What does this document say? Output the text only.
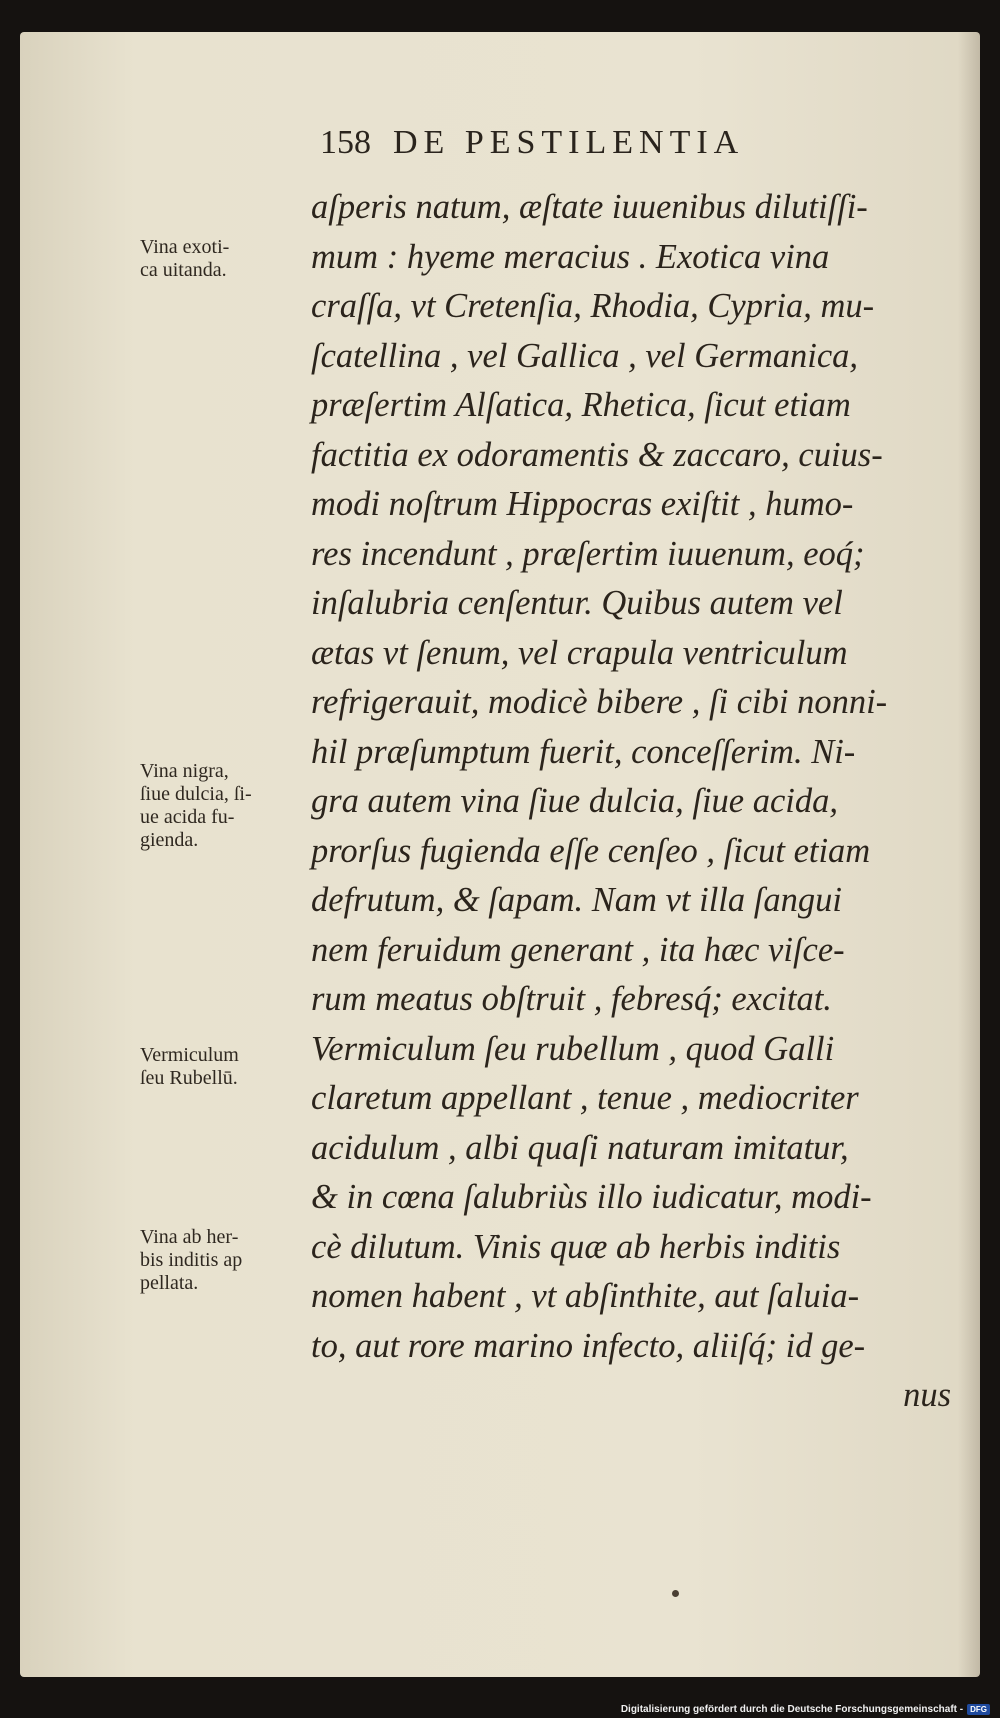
158 DE PESTILENTIA
aſperis natum, æſtate iuuenibus dilutiſſi-
mum : hyeme meracius . Exotica vina
craſſa, vt Cretenſia, Rhodia, Cypria, mu-
ſcatellina , vel Gallica , vel Germanica,
præſertim Alſatica, Rhetica, ſicut etiam
factitia ex odoramentis & zaccaro, cuius-
modi noſtrum Hippocras exiſtit , humo-
res incendunt , præſertim iuuenum, eoq́;
inſalubria cenſentur. Quibus autem vel
ætas vt ſenum, vel crapula ventriculum
refrigerauit, modicè bibere , ſi cibi nonni-
hil præſumptum fuerit, conceſſerim. Ni-
gra autem vina ſiue dulcia, ſiue acida,
prorſus fugienda eſſe cenſeo , ſicut etiam
defrutum, & ſapam. Nam vt illa ſangui
nem feruidum generant , ita hæc viſce-
rum meatus obſtruit , febresq́; excitat.
Vermiculum ſeu rubellum , quod Galli
claretum appellant , tenue , mediocriter
acidulum , albi quaſi naturam imitatur,
& in cœna ſalubriùs illo iudicatur, modi-
cè dilutum. Vinis quæ ab herbis inditis
nomen habent , vt abſinthite, aut ſaluia-
to, aut rore marino infecto, aliiſq́; id ge-
nus
Vina exoti-
ca uitanda.
Vina nigra,
ſiue dulcia, ſi-
ue acida fu-
gienda.
Vermiculum
ſeu Rubellū.
Vina ab her-
bis inditis ap
pellata.
Digitalisierung gefördert durch die Deutsche Forschungsgemeinschaft - DFG
